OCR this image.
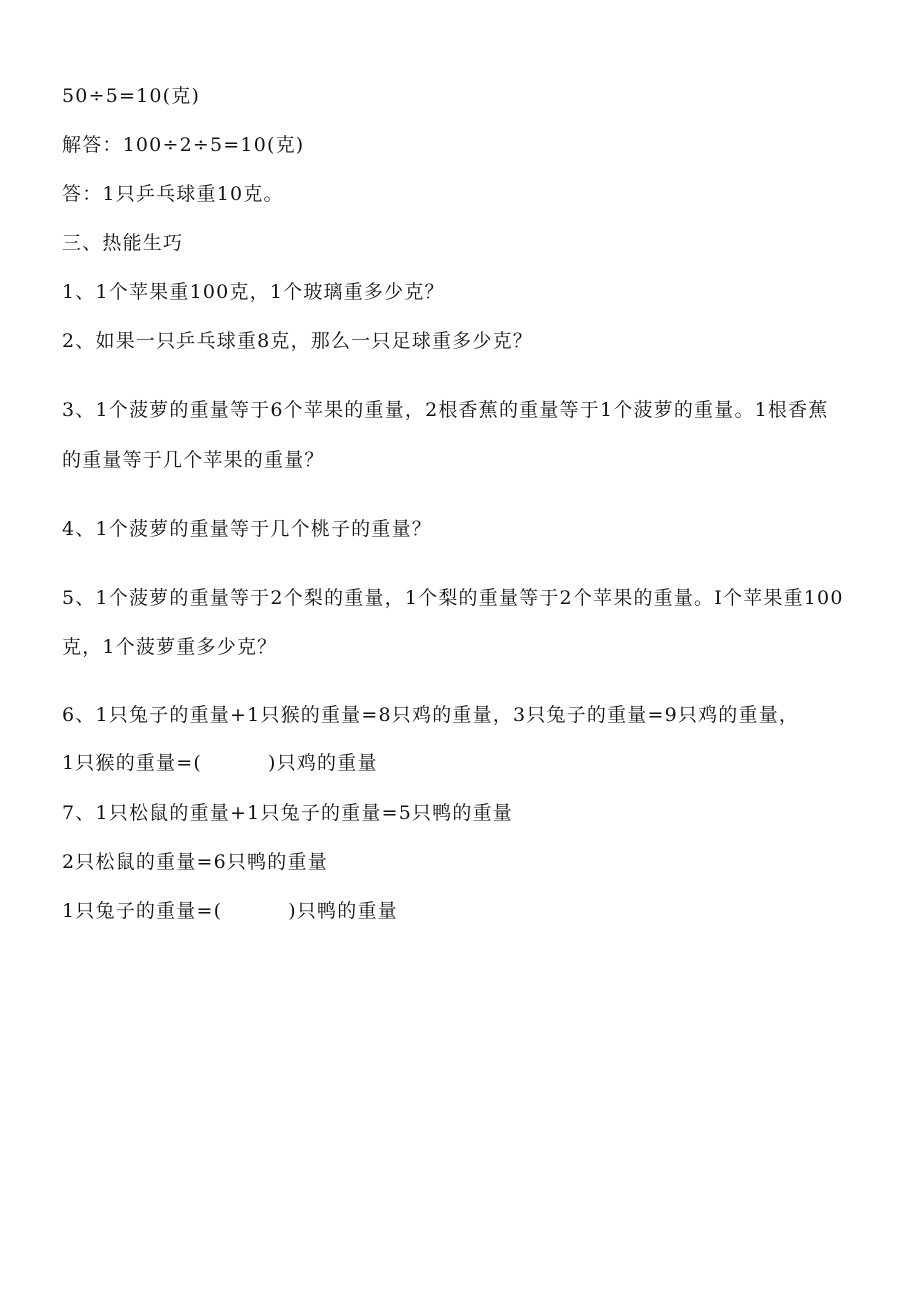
50÷5=10(克)
解答：100÷2÷5=10(克)
答：1只乒乓球重10克。
三、热能生巧
1、1个苹果重100克，1个玻璃重多少克？
2、如果一只乒乓球重8克，那么一只足球重多少克？
3、1个菠萝的重量等于6个苹果的重量，2根香蕉的重量等于1个菠萝的重量。1根香蕉
的重量等于几个苹果的重量？
4、1个菠萝的重量等于几个桃子的重量？
5、1个菠萝的重量等于2个梨的重量，1个梨的重量等于2个苹果的重量。I个苹果重100
克，1个菠萝重多少克？
6、1只兔子的重量+1只猴的重量=8只鸡的重量，3只兔子的重量=9只鸡的重量，
1只猴的重量=(	)只鸡的重量
7、1只松鼠的重量+1只兔子的重量=5只鸭的重量
2只松鼠的重量=6只鸭的重量
1只兔子的重量=(	)只鸭的重量
